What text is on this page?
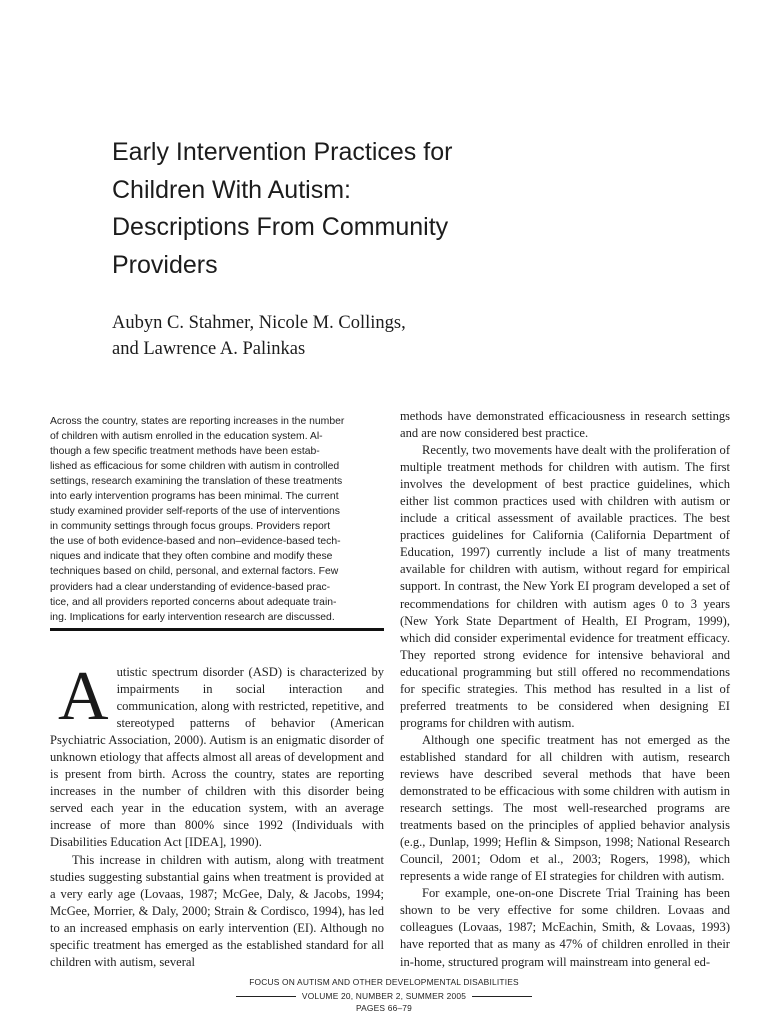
Early Intervention Practices for
Children With Autism:
Descriptions From Community
Providers
Aubyn C. Stahmer, Nicole M. Collings,
and Lawrence A. Palinkas
Across the country, states are reporting increases in the number
of children with autism enrolled in the education system. Al-
though a few specific treatment methods have been estab-
lished as efficacious for some children with autism in controlled
settings, research examining the translation of these treatments
into early intervention programs has been minimal. The current
study examined provider self-reports of the use of interventions
in community settings through focus groups. Providers report
the use of both evidence-based and non–evidence-based tech-
niques and indicate that they often combine and modify these
techniques based on child, personal, and external factors. Few
providers had a clear understanding of evidence-based prac-
tice, and all providers reported concerns about adequate train-
ing. Implications for early intervention research are discussed.

Autistic spectrum disorder (ASD) is characterized by impairments in social interaction and communication, along with restricted, repetitive, and stereotyped patterns of behavior (American Psychiatric Association, 2000). Autism is an enigmatic disorder of unknown etiology that affects almost all areas of development and is present from birth. Across the country, states are reporting increases in the number of children with this disorder being served each year in the education system, with an average increase of more than 800% since 1992 (Individuals with Disabilities Education Act [IDEA], 1990).

This increase in children with autism, along with treatment studies suggesting substantial gains when treatment is provided at a very early age (Lovaas, 1987; McGee, Daly, & Jacobs, 1994; McGee, Morrier, & Daly, 2000; Strain & Cordisco, 1994), has led to an increased emphasis on early intervention (EI). Although no specific treatment has emerged as the established standard for all children with autism, several

methods have demonstrated efficaciousness in research settings and are now considered best practice.

Recently, two movements have dealt with the proliferation of multiple treatment methods for children with autism. The first involves the development of best practice guidelines, which either list common practices used with children with autism or include a critical assessment of available practices. The best practices guidelines for California (California Department of Education, 1997) currently include a list of many treatments available for children with autism, without regard for empirical support. In contrast, the New York EI program developed a set of recommendations for children with autism ages 0 to 3 years (New York State Department of Health, EI Program, 1999), which did consider experimental evidence for treatment efficacy. They reported strong evidence for intensive behavioral and educational programming but still offered no recommendations for specific strategies. This method has resulted in a list of preferred treatments to be considered when designing EI programs for children with autism.

Although one specific treatment has not emerged as the established standard for all children with autism, research reviews have described several methods that have been demonstrated to be efficacious with some children with autism in research settings. The most well-researched programs are treatments based on the principles of applied behavior analysis (e.g., Dunlap, 1999; Heflin & Simpson, 1998; National Research Council, 2001; Odom et al., 2003; Rogers, 1998), which represents a wide range of EI strategies for children with autism.

For example, one-on-one Discrete Trial Training has been shown to be very effective for some children. Lovaas and colleagues (Lovaas, 1987; McEachin, Smith, & Lovaas, 1993) have reported that as many as 47% of children enrolled in their in-home, structured program will mainstream into general ed-

FOCUS ON AUTISM AND OTHER DEVELOPMENTAL DISABILITIES
VOLUME 20, NUMBER 2, SUMMER 2005
PAGES 66–79
